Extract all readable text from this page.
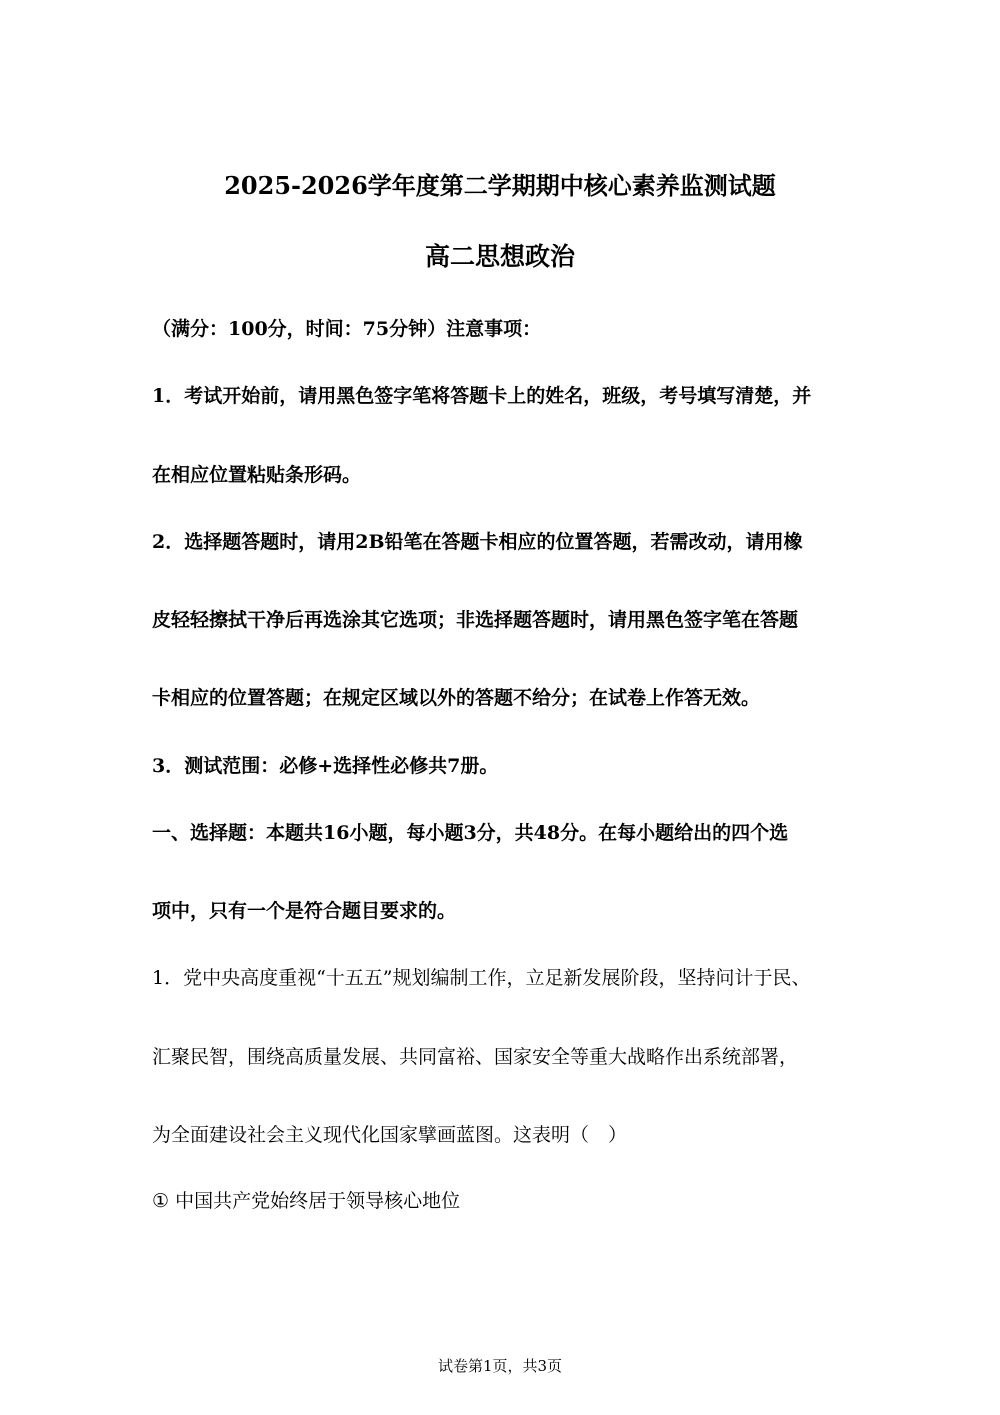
2025-2026学年度第二学期期中核心素养监测试题
高二思想政治
（满分：100分，时间：75分钟）注意事项：
1．考试开始前，请用黑色签字笔将答题卡上的姓名，班级，考号填写清楚，并
在相应位置粘贴条形码。
2．选择题答题时，请用2B铅笔在答题卡相应的位置答题，若需改动，请用橡
皮轻轻擦拭干净后再选涂其它选项；非选择题答题时，请用黑色签字笔在答题
卡相应的位置答题；在规定区域以外的答题不给分；在试卷上作答无效。
3．测试范围：必修+选择性必修共7册。
一、选择题：本题共16小题，每小题3分，共48分。在每小题给出的四个选
项中，只有一个是符合题目要求的。
1．党中央高度重视“十五五”规划编制工作，立足新发展阶段，坚持问计于民、
汇聚民智，围绕高质量发展、共同富裕、国家安全等重大战略作出系统部署，
为全面建设社会主义现代化国家擘画蓝图。这表明（　）
① 中国共产党始终居于领导核心地位
试卷第1页，共3页
